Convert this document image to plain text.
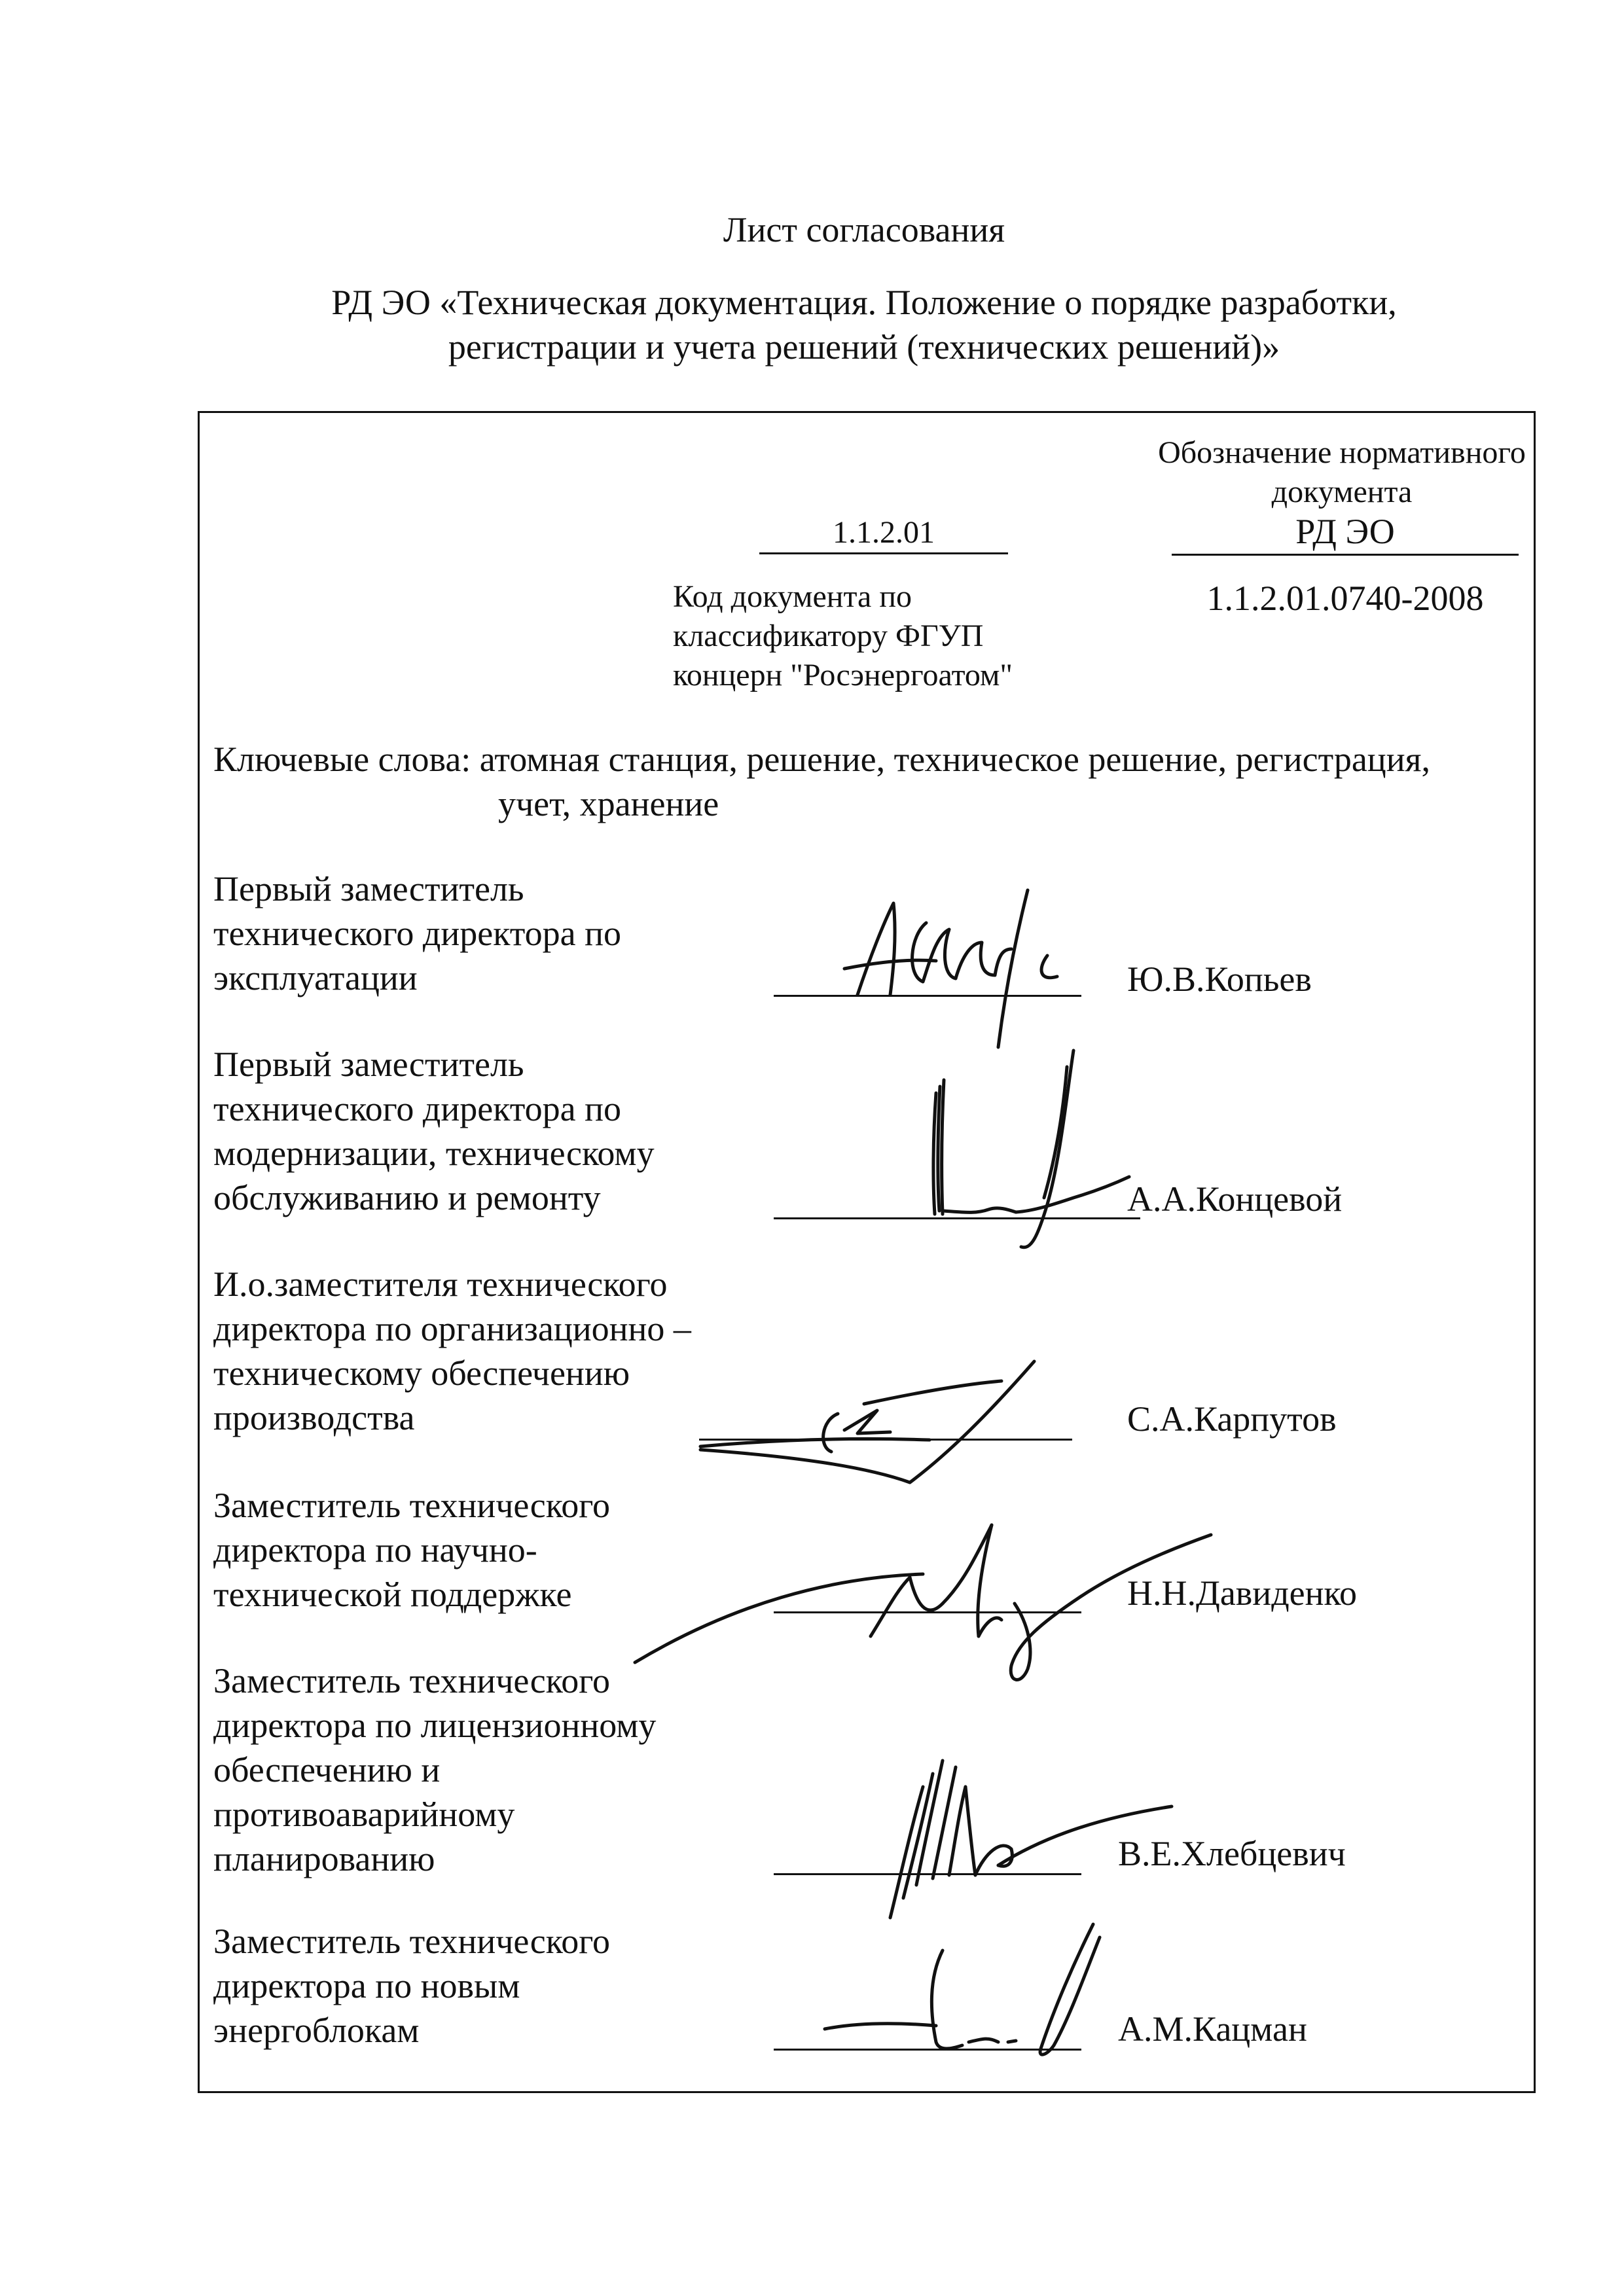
Лист согласования
РД ЭО «Техническая документация. Положение о порядке разработки,
регистрации и учета решений (технических решений)»
1.1.2.01
Код документа по
классификатору ФГУП
концерн "Росэнергоатом"
Обозначение нормативного
документа
РД ЭО
1.1.2.01.0740-2008
Ключевые слова: атомная станция, решение, техническое решение, регистрация,
учет, хранение
Первый заместитель
технического директора по
эксплуатации	Ю.В.Копьев
Первый заместитель
технического директора по
модернизации, техническому
обслуживанию и ремонту	А.А.Концевой
И.о.заместителя технического
директора по организационно –
техническому обеспечению
производства	С.А.Карпутов
Заместитель технического
директора по научно-
технической поддержке	Н.Н.Давиденко
Заместитель технического
директора по лицензионному
обеспечению и
противоаварийному
планированию	В.Е.Хлебцевич
Заместитель технического
директора по новым
энергоблокам	А.М.Кацман
